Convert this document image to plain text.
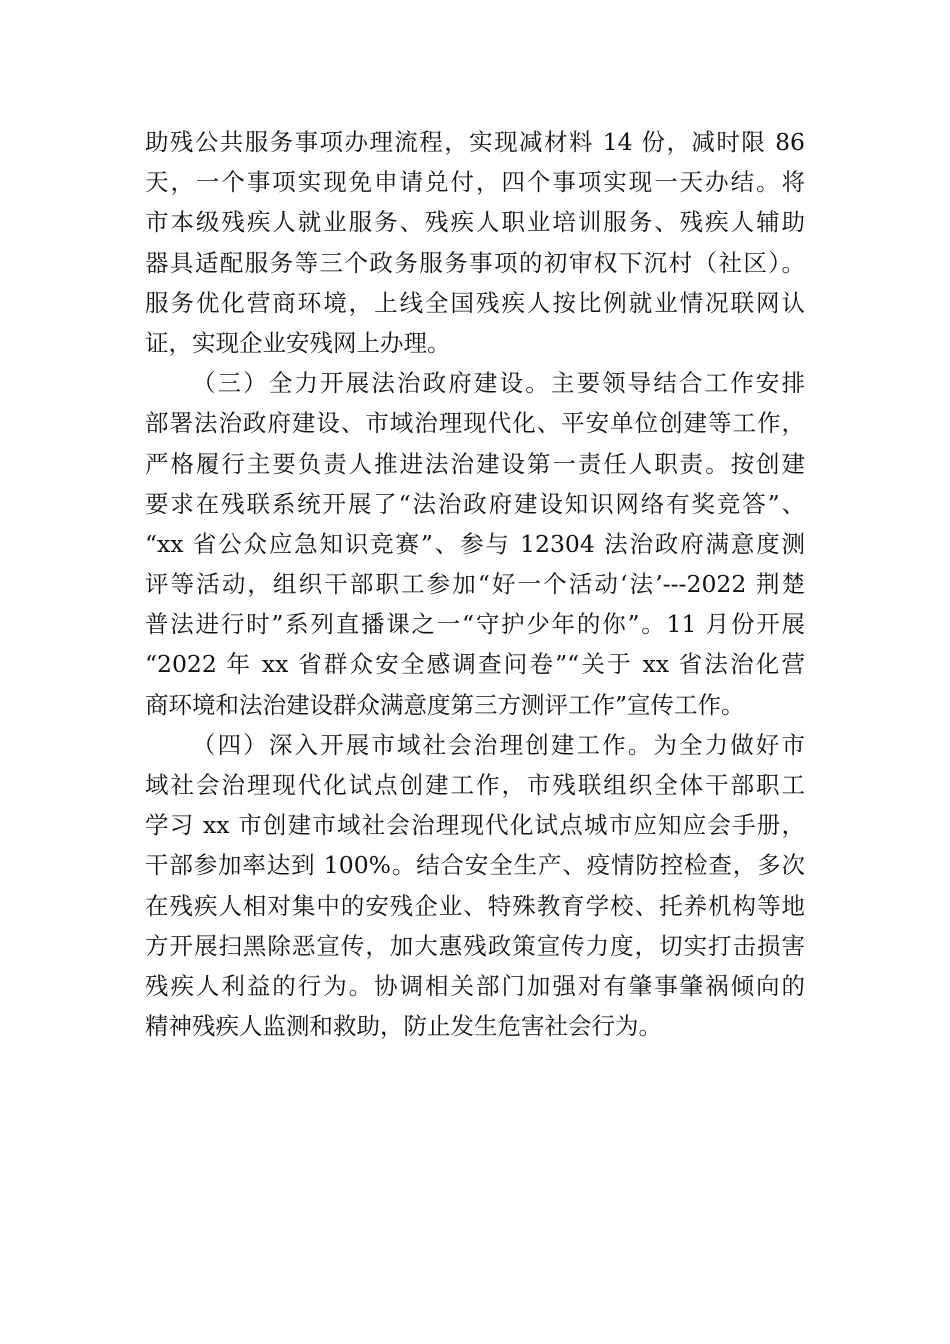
助残公共服务事项办理流程，实现减材料 14 份，减时限 86
天，一个事项实现免申请兑付，四个事项实现一天办结。将
市本级残疾人就业服务、残疾人职业培训服务、残疾人辅助
器具适配服务等三个政务服务事项的初审权下沉村（社区）。
服务优化营商环境，上线全国残疾人按比例就业情况联网认
证，实现企业安残网上办理。
（三）全力开展法治政府建设。主要领导结合工作安排
部署法治政府建设、市域治理现代化、平安单位创建等工作，
严格履行主要负责人推进法治建设第一责任人职责。按创建
要求在残联系统开展了“法治政府建设知识网络有奖竞答”、
“xx 省公众应急知识竞赛”、参与 12304 法治政府满意度测
评等活动，组织干部职工参加“好一个活动‘法’---2022 荆楚
普法进行时”系列直播课之一“守护少年的你”。11 月份开展
“2022 年 xx 省群众安全感调查问卷”“关于 xx 省法治化营
商环境和法治建设群众满意度第三方测评工作”宣传工作。
（四）深入开展市域社会治理创建工作。为全力做好市
域社会治理现代化试点创建工作，市残联组织全体干部职工
学习 xx 市创建市域社会治理现代化试点城市应知应会手册，
干部参加率达到 100%。结合安全生产、疫情防控检查，多次
在残疾人相对集中的安残企业、特殊教育学校、托养机构等地
方开展扫黑除恶宣传，加大惠残政策宣传力度，切实打击损害
残疾人利益的行为。协调相关部门加强对有肇事肇祸倾向的
精神残疾人监测和救助，防止发生危害社会行为。
